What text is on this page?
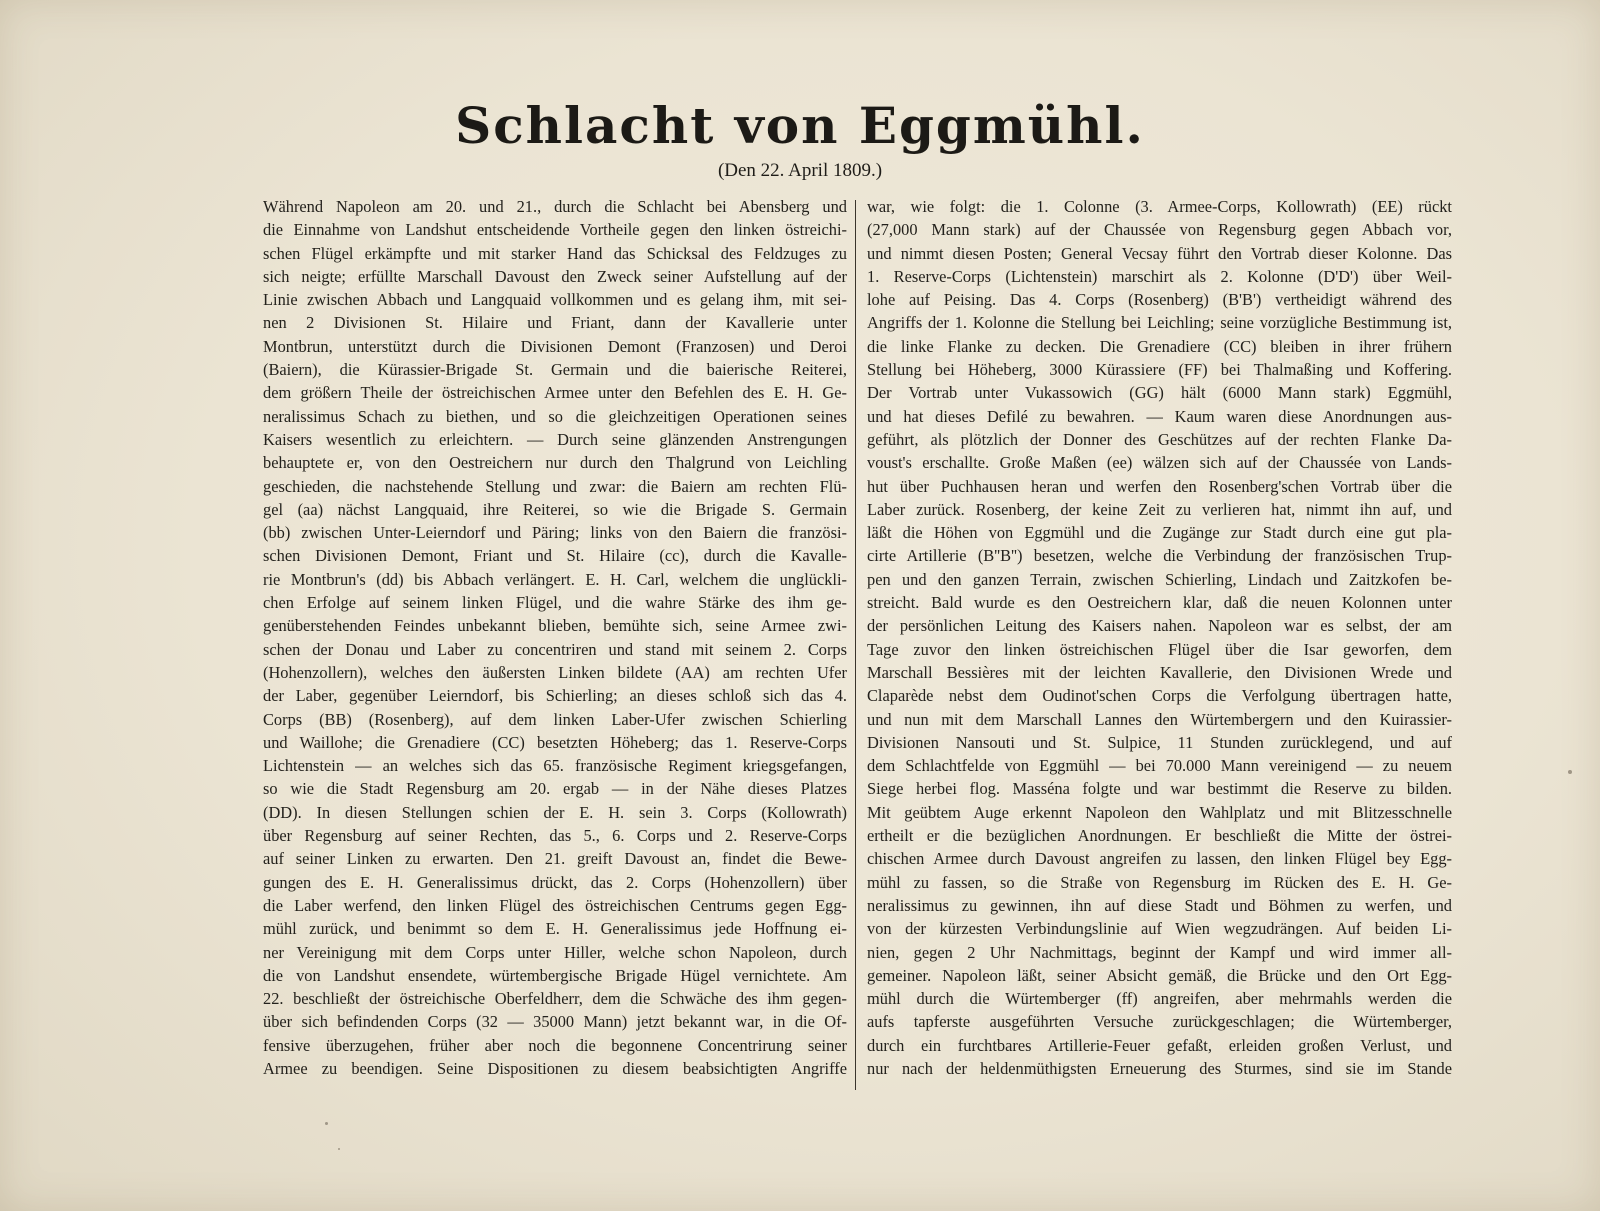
Schlacht von Eggmühl.
(Den 22. April 1809.)
Während Napoleon am 20. und 21., durch die Schlacht bei Abensberg und
die Einnahme von Landshut entscheidende Vortheile gegen den linken östreichi-
schen Flügel erkämpfte und mit starker Hand das Schicksal des Feldzuges zu
sich neigte; erfüllte Marschall Davoust den Zweck seiner Aufstellung auf der
Linie zwischen Abbach und Langquaid vollkommen und es gelang ihm, mit sei-
nen 2 Divisionen St. Hilaire und Friant, dann der Kavallerie unter
Montbrun, unterstützt durch die Divisionen Demont (Franzosen) und Deroi
(Baiern), die Kürassier-Brigade St. Germain und die baierische Reiterei,
dem größern Theile der östreichischen Armee unter den Befehlen des E. H. Ge-
neralissimus Schach zu biethen, und so die gleichzeitigen Operationen seines
Kaisers wesentlich zu erleichtern. — Durch seine glänzenden Anstrengungen
behauptete er, von den Oestreichern nur durch den Thalgrund von Leichling
geschieden, die nachstehende Stellung und zwar: die Baiern am rechten Flü-
gel (aa) nächst Langquaid, ihre Reiterei, so wie die Brigade S. Germain
(bb) zwischen Unter-Leierndorf und Päring; links von den Baiern die französi-
schen Divisionen Demont, Friant und St. Hilaire (cc), durch die Kavalle-
rie Montbrun's (dd) bis Abbach verlängert. E. H. Carl, welchem die unglückli-
chen Erfolge auf seinem linken Flügel, und die wahre Stärke des ihm ge-
genüberstehenden Feindes unbekannt blieben, bemühte sich, seine Armee zwi-
schen der Donau und Laber zu concentriren und stand mit seinem 2. Corps
(Hohenzollern), welches den äußersten Linken bildete (AA) am rechten Ufer
der Laber, gegenüber Leierndorf, bis Schierling; an dieses schloß sich das 4.
Corps (BB) (Rosenberg), auf dem linken Laber-Ufer zwischen Schierling
und Waillohe; die Grenadiere (CC) besetzten Höheberg; das 1. Reserve-Corps
Lichtenstein — an welches sich das 65. französische Regiment kriegsgefangen,
so wie die Stadt Regensburg am 20. ergab — in der Nähe dieses Platzes
(DD). In diesen Stellungen schien der E. H. sein 3. Corps (Kollowrath)
über Regensburg auf seiner Rechten, das 5., 6. Corps und 2. Reserve-Corps
auf seiner Linken zu erwarten. Den 21. greift Davoust an, findet die Bewe-
gungen des E. H. Generalissimus drückt, das 2. Corps (Hohenzollern) über
die Laber werfend, den linken Flügel des östreichischen Centrums gegen Egg-
mühl zurück, und benimmt so dem E. H. Generalissimus jede Hoffnung ei-
ner Vereinigung mit dem Corps unter Hiller, welche schon Napoleon, durch
die von Landshut ensendete, würtembergische Brigade Hügel vernichtete. Am
22. beschließt der östreichische Oberfeldherr, dem die Schwäche des ihm gegen-
über sich befindenden Corps (32 — 35000 Mann) jetzt bekannt war, in die Of-
fensive überzugehen, früher aber noch die begonnene Concentrirung seiner
Armee zu beendigen. Seine Dispositionen zu diesem beabsichtigten Angriffe
war, wie folgt: die 1. Colonne (3. Armee-Corps, Kollowrath) (EE) rückt
(27,000 Mann stark) auf der Chaussée von Regensburg gegen Abbach vor,
und nimmt diesen Posten; General Vecsay führt den Vortrab dieser Kolonne. Das
1. Reserve-Corps (Lichtenstein) marschirt als 2. Kolonne (D'D') über Weil-
lohe auf Peising. Das 4. Corps (Rosenberg) (B'B') vertheidigt während des
Angriffs der 1. Kolonne die Stellung bei Leichling; seine vorzügliche Bestimmung ist,
die linke Flanke zu decken. Die Grenadiere (CC) bleiben in ihrer frühern
Stellung bei Höheberg, 3000 Kürassiere (FF) bei Thalmaßing und Koffering.
Der Vortrab unter Vukassowich (GG) hält (6000 Mann stark) Eggmühl,
und hat dieses Defilé zu bewahren. — Kaum waren diese Anordnungen aus-
geführt, als plötzlich der Donner des Geschützes auf der rechten Flanke Da-
voust's erschallte. Große Maßen (ee) wälzen sich auf der Chaussée von Lands-
hut über Puchhausen heran und werfen den Rosenberg'schen Vortrab über die
Laber zurück. Rosenberg, der keine Zeit zu verlieren hat, nimmt ihn auf, und
läßt die Höhen von Eggmühl und die Zugänge zur Stadt durch eine gut pla-
cirte Artillerie (B''B'') besetzen, welche die Verbindung der französischen Trup-
pen und den ganzen Terrain, zwischen Schierling, Lindach und Zaitzkofen be-
streicht. Bald wurde es den Oestreichern klar, daß die neuen Kolonnen unter
der persönlichen Leitung des Kaisers nahen. Napoleon war es selbst, der am
Tage zuvor den linken östreichischen Flügel über die Isar geworfen, dem
Marschall Bessières mit der leichten Kavallerie, den Divisionen Wrede und
Claparède nebst dem Oudinot'schen Corps die Verfolgung übertragen hatte,
und nun mit dem Marschall Lannes den Würtembergern und den Kuirassier-
Divisionen Nansouti und St. Sulpice, 11 Stunden zurücklegend, und auf
dem Schlachtfelde von Eggmühl — bei 70.000 Mann vereinigend — zu neuem
Siege herbei flog. Masséna folgte und war bestimmt die Reserve zu bilden.
Mit geübtem Auge erkennt Napoleon den Wahlplatz und mit Blitzesschnelle
ertheilt er die bezüglichen Anordnungen. Er beschließt die Mitte der östrei-
chischen Armee durch Davoust angreifen zu lassen, den linken Flügel bey Egg-
mühl zu fassen, so die Straße von Regensburg im Rücken des E. H. Ge-
neralissimus zu gewinnen, ihn auf diese Stadt und Böhmen zu werfen, und
von der kürzesten Verbindungslinie auf Wien wegzudrängen. Auf beiden Li-
nien, gegen 2 Uhr Nachmittags, beginnt der Kampf und wird immer all-
gemeiner. Napoleon läßt, seiner Absicht gemäß, die Brücke und den Ort Egg-
mühl durch die Würtemberger (ff) angreifen, aber mehrmahls werden die
aufs tapferste ausgeführten Versuche zurückgeschlagen; die Würtemberger,
durch ein furchtbares Artillerie-Feuer gefaßt, erleiden großen Verlust, und
nur nach der heldenmüthigsten Erneuerung des Sturmes, sind sie im Stande
